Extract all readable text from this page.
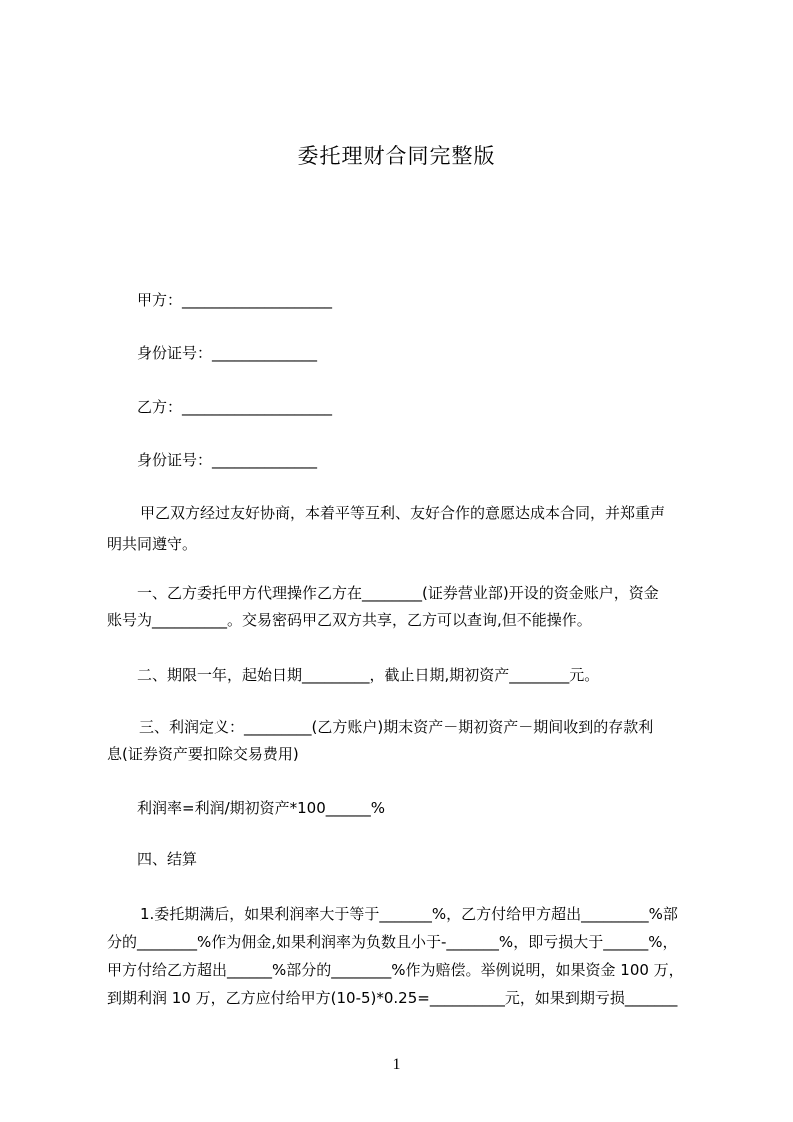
委托理财合同完整版

甲方：____________________

身份证号：______________

乙方：____________________

身份证号：______________

甲乙双方经过友好协商，本着平等互利、友好合作的意愿达成本合同，并郑重声

明共同遵守。

一、乙方委托甲方代理操作乙方在________(证券营业部)开设的资金账户，资金

账号为__________。交易密码甲乙双方共享，乙方可以查询,但不能操作。

二、期限一年，起始日期_________，截止日期,期初资产________元。

三、利润定义：_________(乙方账户)期末资产－期初资产－期间收到的存款利

息(证券资产要扣除交易费用)

利润率=利润/期初资产*100______%

四、结算

1.委托期满后，如果利润率大于等于_______%，乙方付给甲方超出_________%部

分的________%作为佣金,如果利润率为负数且小于-_______%，即亏损大于______%，

甲方付给乙方超出______%部分的________%作为赔偿。举例说明，如果资金 100 万，

到期利润 10 万，乙方应付给甲方(10-5)*0.25=__________元，如果到期亏损_______

1
